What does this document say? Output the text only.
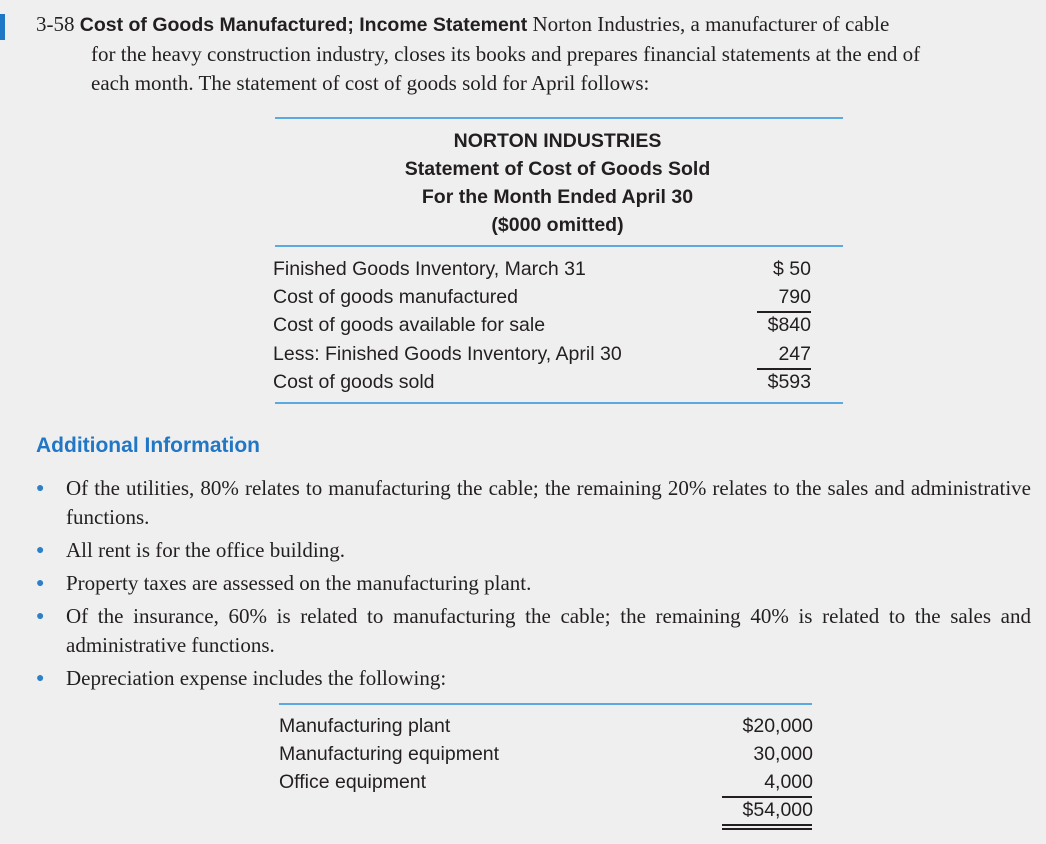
3-58 Cost of Goods Manufactured; Income Statement Norton Industries, a manufacturer of cable
for the heavy construction industry, closes its books and prepares financial statements at the end of
each month. The statement of cost of goods sold for April follows:
NORTON INDUSTRIES
Statement of Cost of Goods Sold
For the Month Ended April 30
($000 omitted)
Finished Goods Inventory, March 31	$ 50
Cost of goods manufactured	790
Cost of goods available for sale	$840
Less: Finished Goods Inventory, April 30	247
Cost of goods sold	$593
Additional Information
● Of the utilities, 80% relates to manufacturing the cable; the remaining 20% relates to the sales and administrative functions.
● All rent is for the office building.
● Property taxes are assessed on the manufacturing plant.
● Of the insurance, 60% is related to manufacturing the cable; the remaining 40% is related to the sales and administrative functions.
● Depreciation expense includes the following:
Manufacturing plant	$20,000
Manufacturing equipment	30,000
Office equipment	4,000
$54,000
